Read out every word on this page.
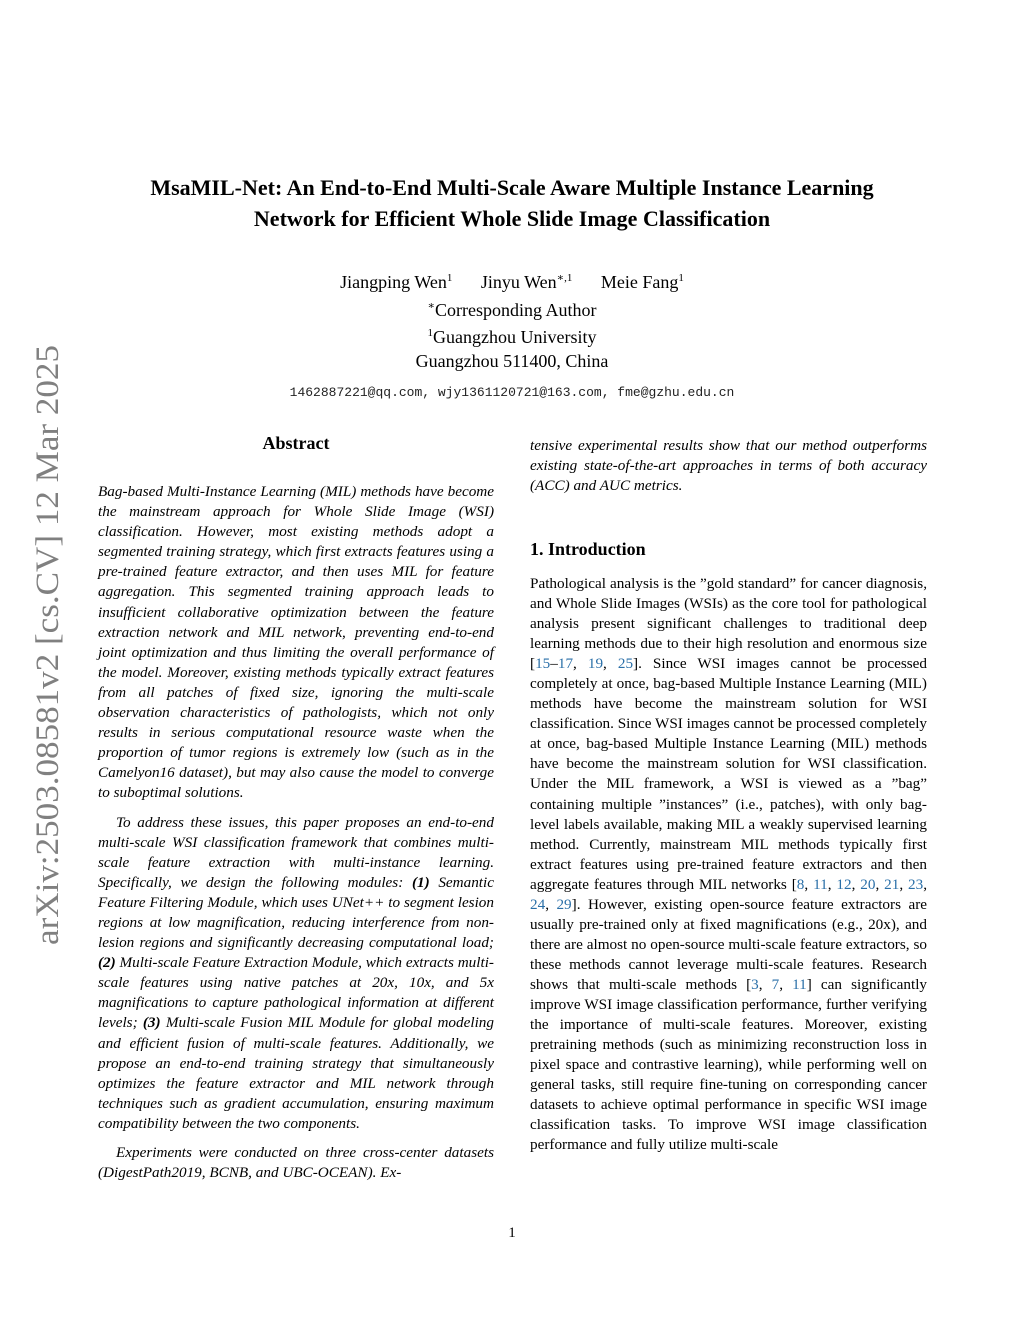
arXiv:2503.08581v2 [cs.CV] 12 Mar 2025
MsaMIL-Net: An End-to-End Multi-Scale Aware Multiple Instance Learning
Network for Efficient Whole Slide Image Classification
Jiangping Wen$^1$ Jinyu Wen$^{∗,1}$ Meie Fang$^1$
∗Corresponding Author
$^1$Guangzhou University
Guangzhou 511400, China
1462887221@qq.com, wjy1361120721@163.com, fme@gzhu.edu.cn
Abstract

Bag-based Multi-Instance Learning (MIL) methods have become the mainstream approach for Whole Slide Image (WSI) classification. However, most existing methods adopt a segmented training strategy, which first extracts features using a pre-trained feature extractor, and then uses MIL for feature aggregation. This segmented training approach leads to insufficient collaborative optimization between the feature extraction network and MIL network, preventing end-to-end joint optimization and thus limiting the overall performance of the model. Moreover, existing methods typically extract features from all patches of fixed size, ignoring the multi-scale observation characteristics of pathologists, which not only results in serious computational resource waste when the proportion of tumor regions is extremely low (such as in the Camelyon16 dataset), but may also cause the model to converge to suboptimal solutions.

To address these issues, this paper proposes an end-to-end multi-scale WSI classification framework that combines multi-scale feature extraction with multi-instance learning. Specifically, we design the following modules: (1) Semantic Feature Filtering Module, which uses UNet++ to segment lesion regions at low magnification, reducing interference from non-lesion regions and significantly decreasing computational load; (2) Multi-scale Feature Extraction Module, which extracts multi-scale features using native patches at 20x, 10x, and 5x magnifications to capture pathological information at different levels; (3) Multi-scale Fusion MIL Module for global modeling and efficient fusion of multi-scale features. Additionally, we propose an end-to-end training strategy that simultaneously optimizes the feature extractor and MIL network through techniques such as gradient accumulation, ensuring maximum compatibility between the two components.

Experiments were conducted on three cross-center datasets (DigestPath2019, BCNB, and UBC-OCEAN). Ex-

tensive experimental results show that our method outperforms existing state-of-the-art approaches in terms of both accuracy (ACC) and AUC metrics.

1. Introduction

Pathological analysis is the ”gold standard” for cancer diagnosis, and Whole Slide Images (WSIs) as the core tool for pathological analysis present significant challenges to traditional deep learning methods due to their high resolution and enormous size [15–17, 19, 25]. Since WSI images cannot be processed completely at once, bag-based Multiple Instance Learning (MIL) methods have become the mainstream solution for WSI classification. Since WSI images cannot be processed completely at once, bag-based Multiple Instance Learning (MIL) methods have become the mainstream solution for WSI classification. Under the MIL framework, a WSI is viewed as a ”bag” containing multiple ”instances” (i.e., patches), with only bag-level labels available, making MIL a weakly supervised learning method. Currently, mainstream MIL methods typically first extract features using pre-trained feature extractors and then aggregate features through MIL networks [8, 11, 12, 20, 21, 23, 24, 29]. However, existing open-source feature extractors are usually pre-trained only at fixed magnifications (e.g., 20x), and there are almost no open-source multi-scale feature extractors, so these methods cannot leverage multi-scale features. Research shows that multi-scale methods [3, 7, 11] can significantly improve WSI image classification performance, further verifying the importance of multi-scale features. Moreover, existing pretraining methods (such as minimizing reconstruction loss in pixel space and contrastive learning), while performing well on general tasks, still require fine-tuning on corresponding cancer datasets to achieve optimal performance in specific WSI image classification tasks. To improve WSI image classification performance and fully utilize multi-scale

1
